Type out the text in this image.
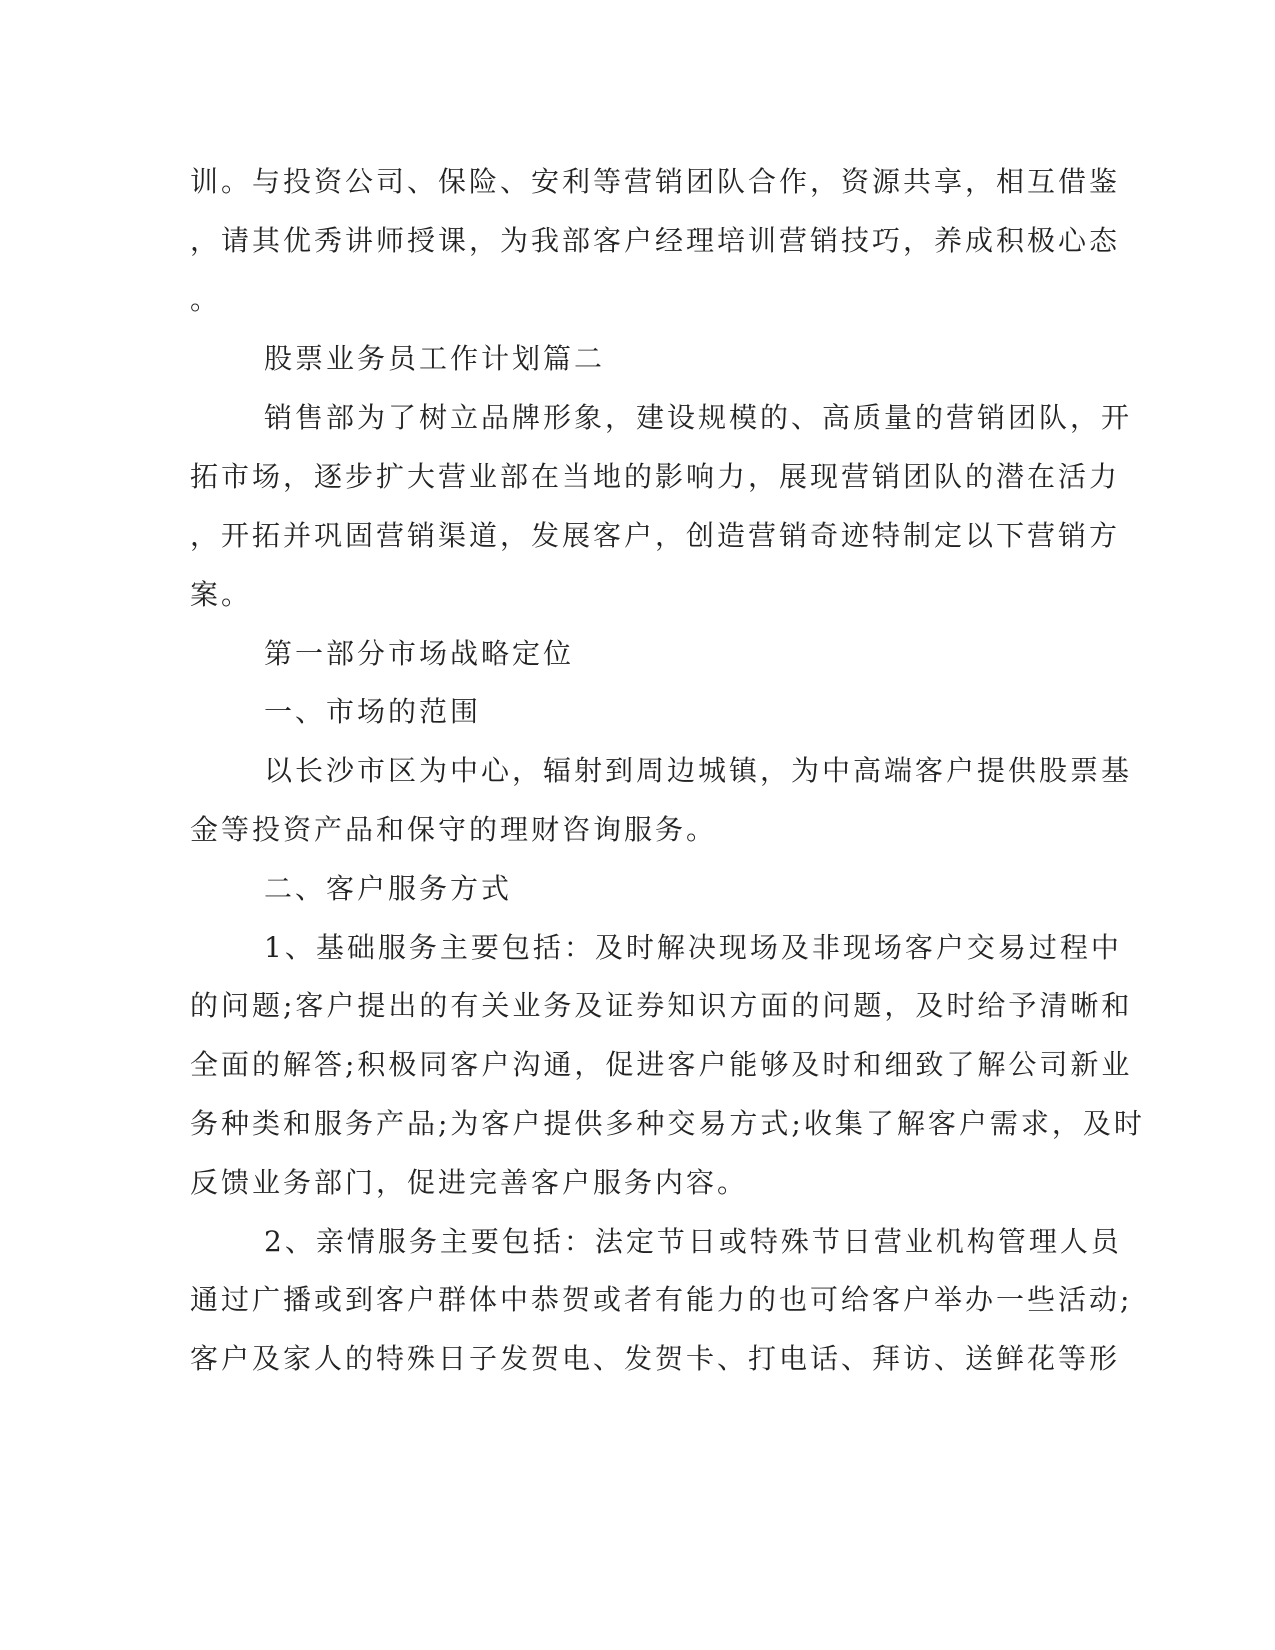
训。与投资公司、保险、安利等营销团队合作，资源共享，相互借鉴

，请其优秀讲师授课，为我部客户经理培训营销技巧，养成积极心态

。

股票业务员工作计划篇二

销售部为了树立品牌形象，建设规模的、高质量的营销团队，开

拓市场，逐步扩大营业部在当地的影响力，展现营销团队的潜在活力

，开拓并巩固营销渠道，发展客户，创造营销奇迹特制定以下营销方

案。

第一部分市场战略定位

一、市场的范围

以长沙市区为中心，辐射到周边城镇，为中高端客户提供股票基

金等投资产品和保守的理财咨询服务。

二、客户服务方式

1、基础服务主要包括：及时解决现场及非现场客户交易过程中

的问题;客户提出的有关业务及证券知识方面的问题，及时给予清晰和

全面的解答;积极同客户沟通，促进客户能够及时和细致了解公司新业

务种类和服务产品;为客户提供多种交易方式;收集了解客户需求，及时

反馈业务部门，促进完善客户服务内容。

2、亲情服务主要包括：法定节日或特殊节日营业机构管理人员

通过广播或到客户群体中恭贺或者有能力的也可给客户举办一些活动;

客户及家人的特殊日子发贺电、发贺卡、打电话、拜访、送鲜花等形
